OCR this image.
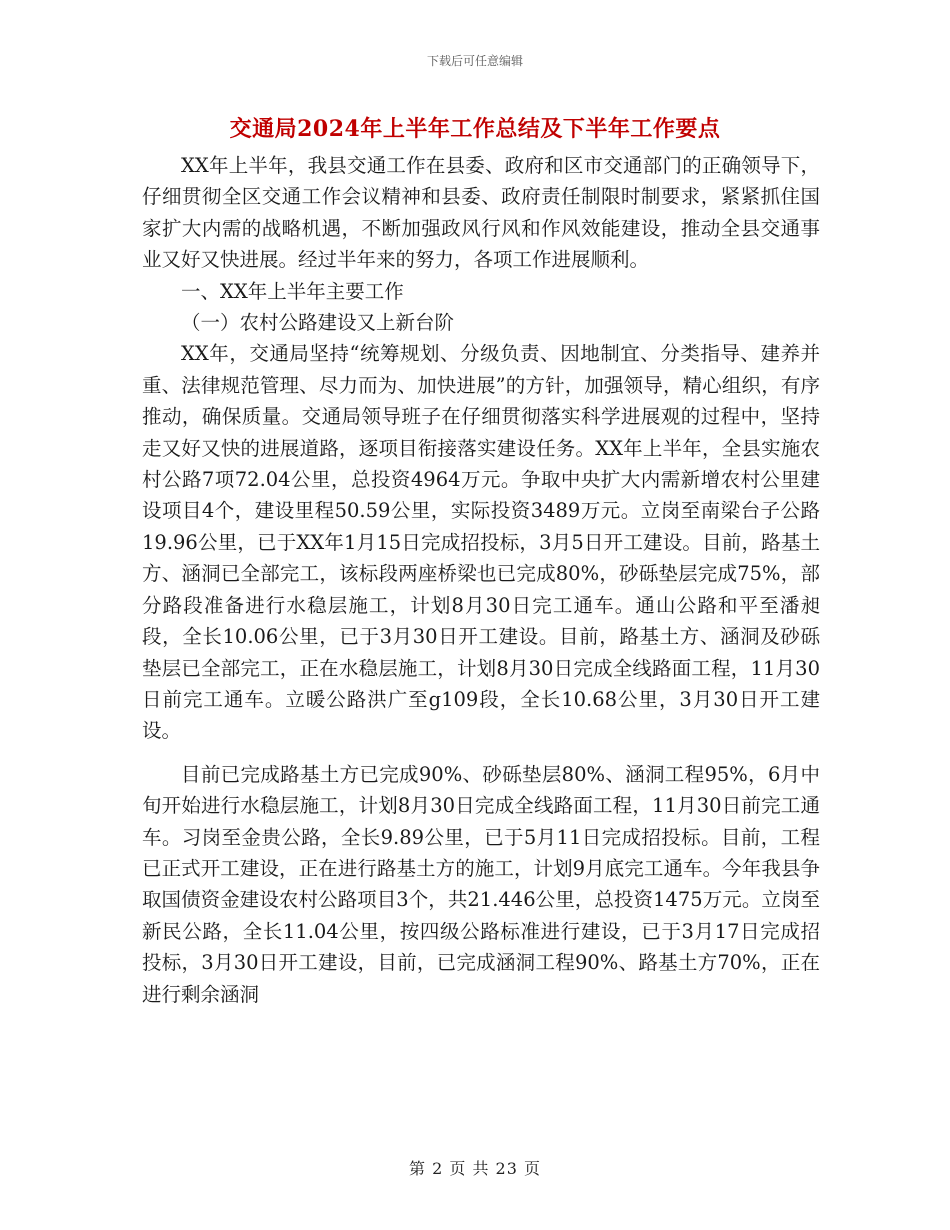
下载后可任意编辑
交通局2024年上半年工作总结及下半年工作要点

XX年上半年，我县交通工作在县委、政府和区市交通部门的正确领导下，仔细贯彻全区交通工作会议精神和县委、政府责任制限时制要求，紧紧抓住国家扩大内需的战略机遇，不断加强政风行风和作风效能建设，推动全县交通事业又好又快进展。经过半年来的努力，各项工作进展顺利。

一、XX年上半年主要工作

（一）农村公路建设又上新台阶

XX年，交通局坚持“统筹规划、分级负责、因地制宜、分类指导、建养并重、法律规范管理、尽力而为、加快进展”的方针，加强领导，精心组织，有序推动，确保质量。交通局领导班子在仔细贯彻落实科学进展观的过程中，坚持走又好又快的进展道路，逐项目衔接落实建设任务。XX年上半年，全县实施农村公路7项72.04公里，总投资4964万元。争取中央扩大内需新增农村公里建设项目4个，建设里程50.59公里，实际投资3489万元。立岗至南梁台子公路19.96公里，已于XX年1月15日完成招投标，3月5日开工建设。目前，路基土方、涵洞已全部完工，该标段两座桥梁也已完成80%，砂砾垫层完成75%，部分路段准备进行水稳层施工，计划8月30日完工通车。通山公路和平至潘昶段，全长10.06公里，已于3月30日开工建设。目前，路基土方、涵洞及砂砾垫层已全部完工，正在水稳层施工，计划8月30日完成全线路面工程，11月30日前完工通车。立暖公路洪广至g109段，全长10.68公里，3月30日开工建设。

目前已完成路基土方已完成90%、砂砾垫层80%、涵洞工程95%，6月中旬开始进行水稳层施工，计划8月30日完成全线路面工程，11月30日前完工通车。习岗至金贵公路，全长9.89公里，已于5月11日完成招投标。目前，工程已正式开工建设，正在进行路基土方的施工，计划9月底完工通车。今年我县争取国债资金建设农村公路项目3个，共21.446公里，总投资1475万元。立岗至新民公路，全长11.04公里，按四级公路标准进行建设，已于3月17日完成招投标，3月30日开工建设，目前，已完成涵洞工程90%、路基土方70%，正在进行剩余涵洞

第 2 页 共 23 页
